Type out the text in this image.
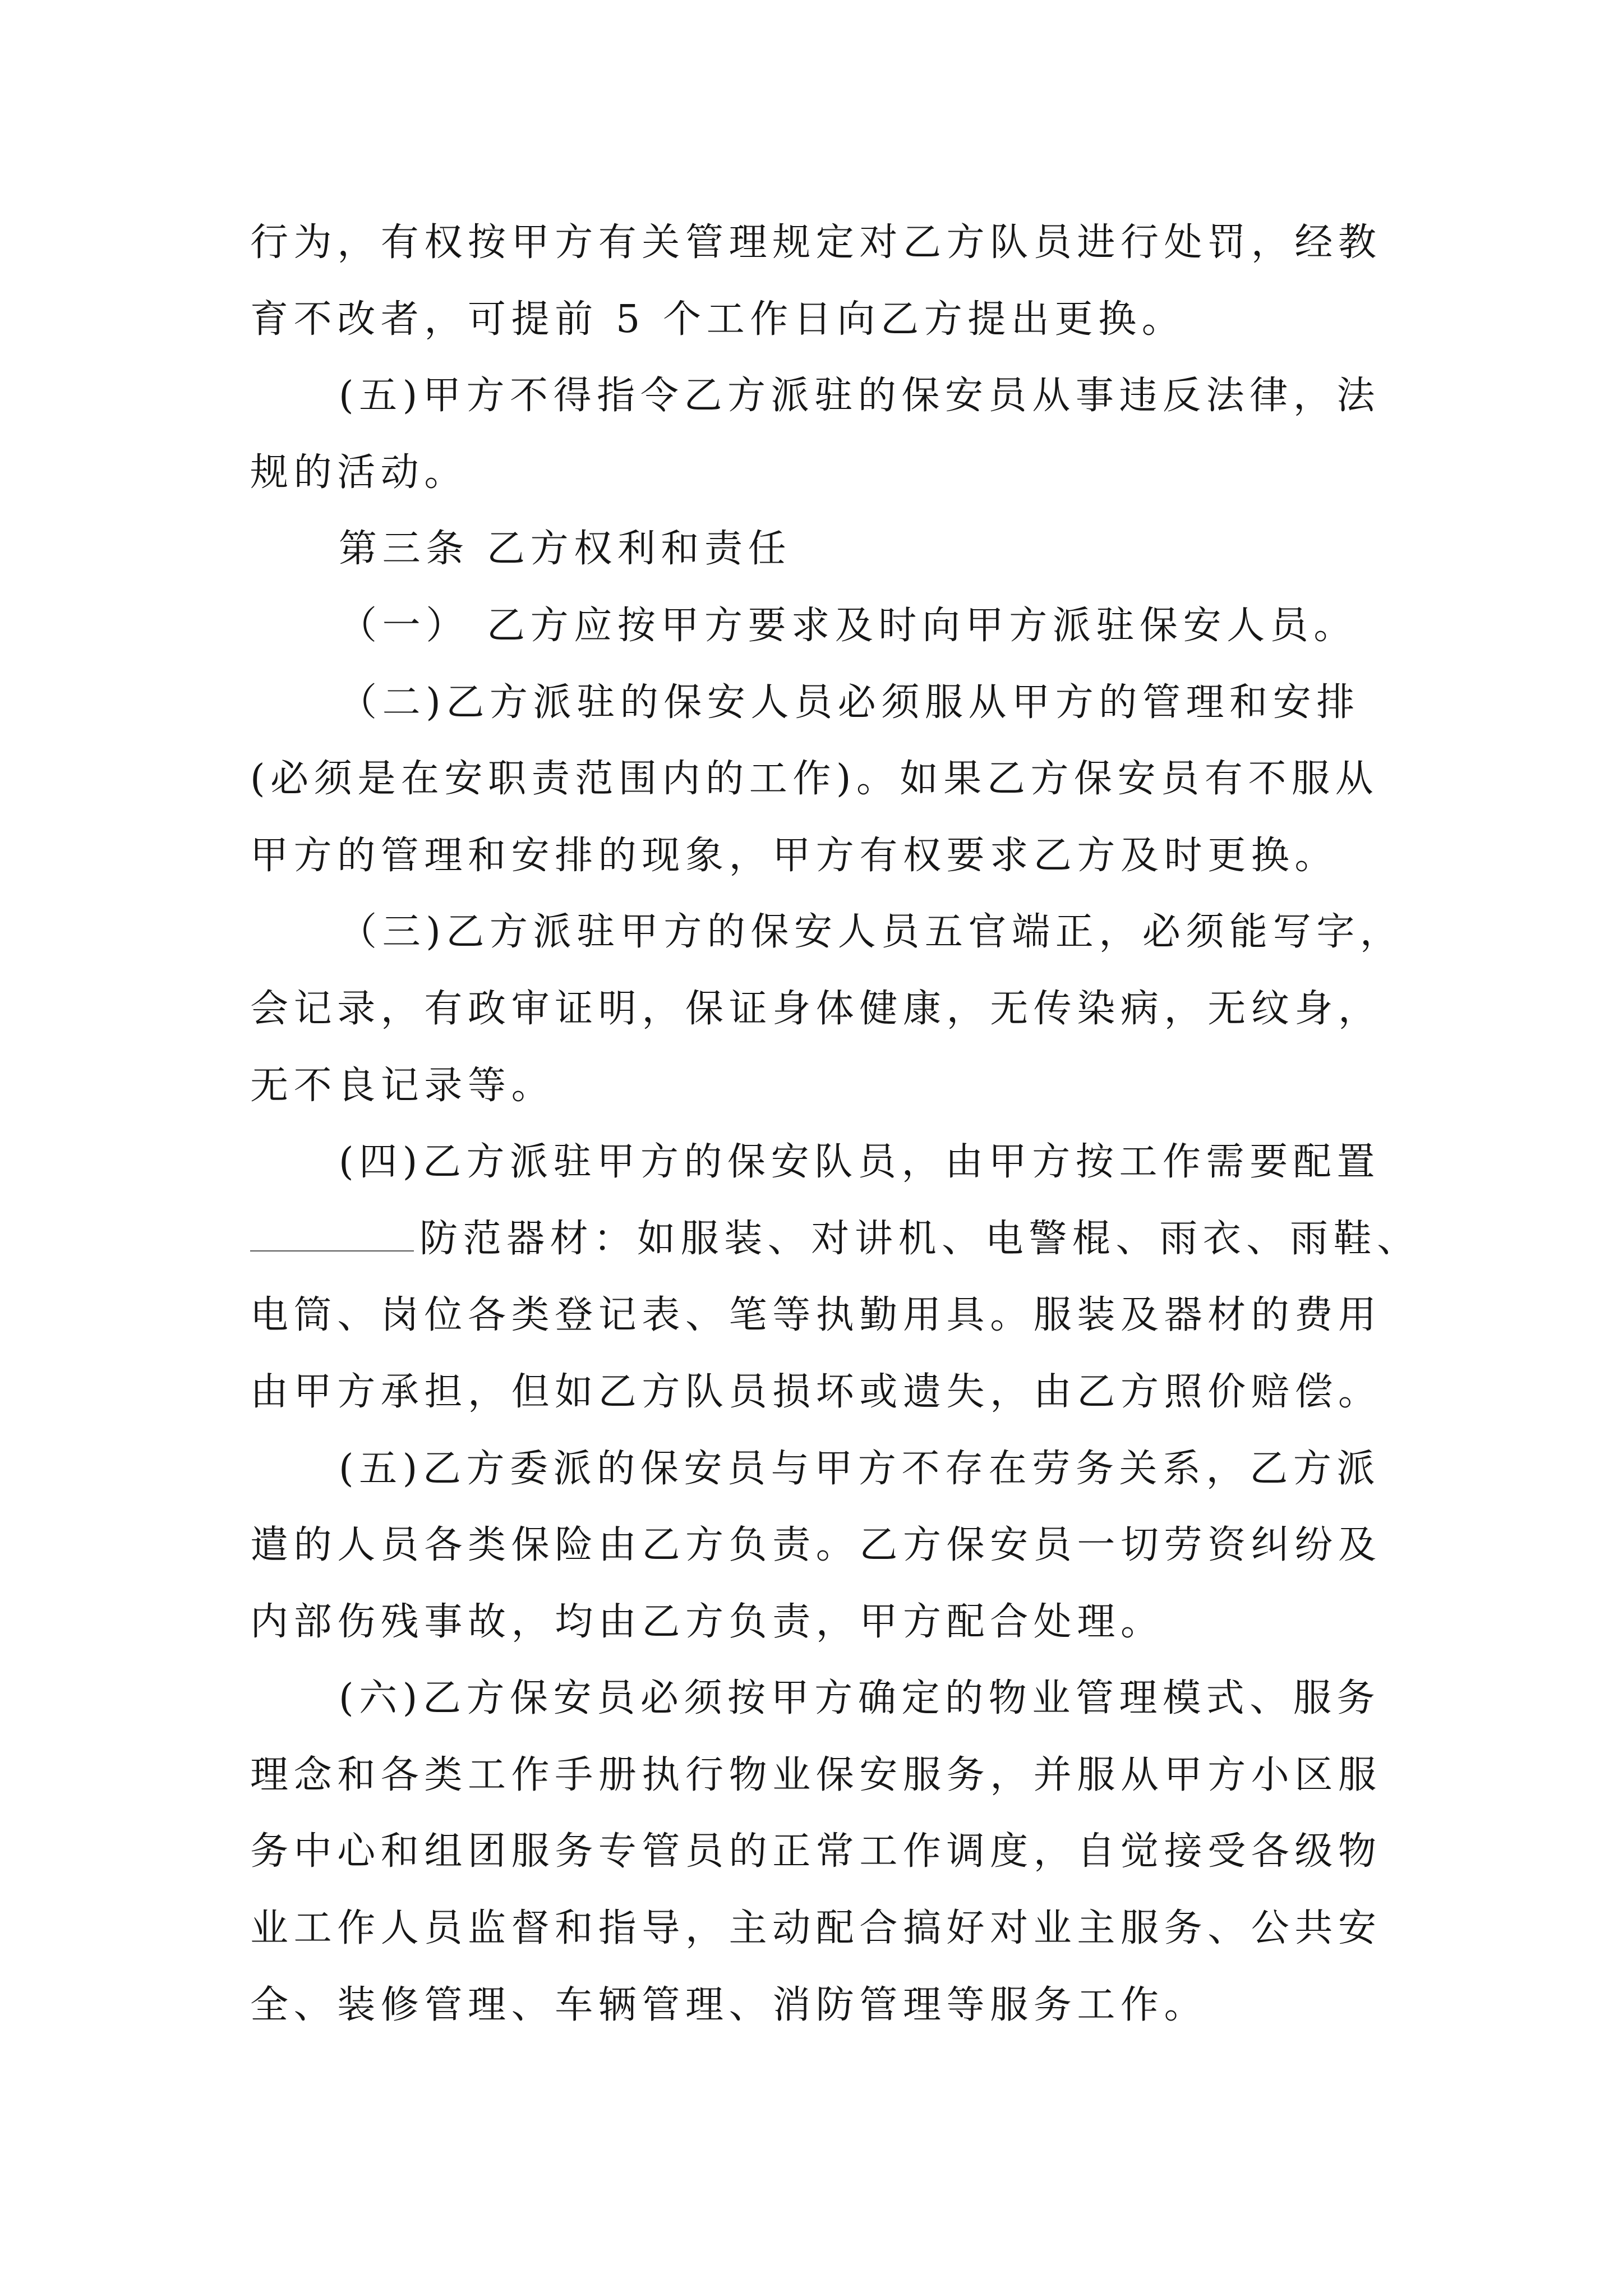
行为，有权按甲方有关管理规定对乙方队员进行处罚，经教
育不改者，可提前 5 个工作日向乙方提出更换。
(五)甲方不得指令乙方派驻的保安员从事违反法律，法
规的活动。
第三条 乙方权利和责任
（一） 乙方应按甲方要求及时向甲方派驻保安人员。
（二)乙方派驻的保安人员必须服从甲方的管理和安排
(必须是在安职责范围内的工作)。如果乙方保安员有不服从
甲方的管理和安排的现象，甲方有权要求乙方及时更换。
（三)乙方派驻甲方的保安人员五官端正，必须能写字，
会记录，有政审证明，保证身体健康，无传染病，无纹身，
无不良记录等。
(四)乙方派驻甲方的保安队员，由甲方按工作需要配置
防范器材：如服装、对讲机、电警棍、雨衣、雨鞋、
电筒、岗位各类登记表、笔等执勤用具。服装及器材的费用
由甲方承担，但如乙方队员损坏或遗失，由乙方照价赔偿。
(五)乙方委派的保安员与甲方不存在劳务关系，乙方派
遣的人员各类保险由乙方负责。乙方保安员一切劳资纠纷及
内部伤残事故，均由乙方负责，甲方配合处理。
(六)乙方保安员必须按甲方确定的物业管理模式、服务
理念和各类工作手册执行物业保安服务，并服从甲方小区服
务中心和组团服务专管员的正常工作调度，自觉接受各级物
业工作人员监督和指导，主动配合搞好对业主服务、公共安
全、装修管理、车辆管理、消防管理等服务工作。
